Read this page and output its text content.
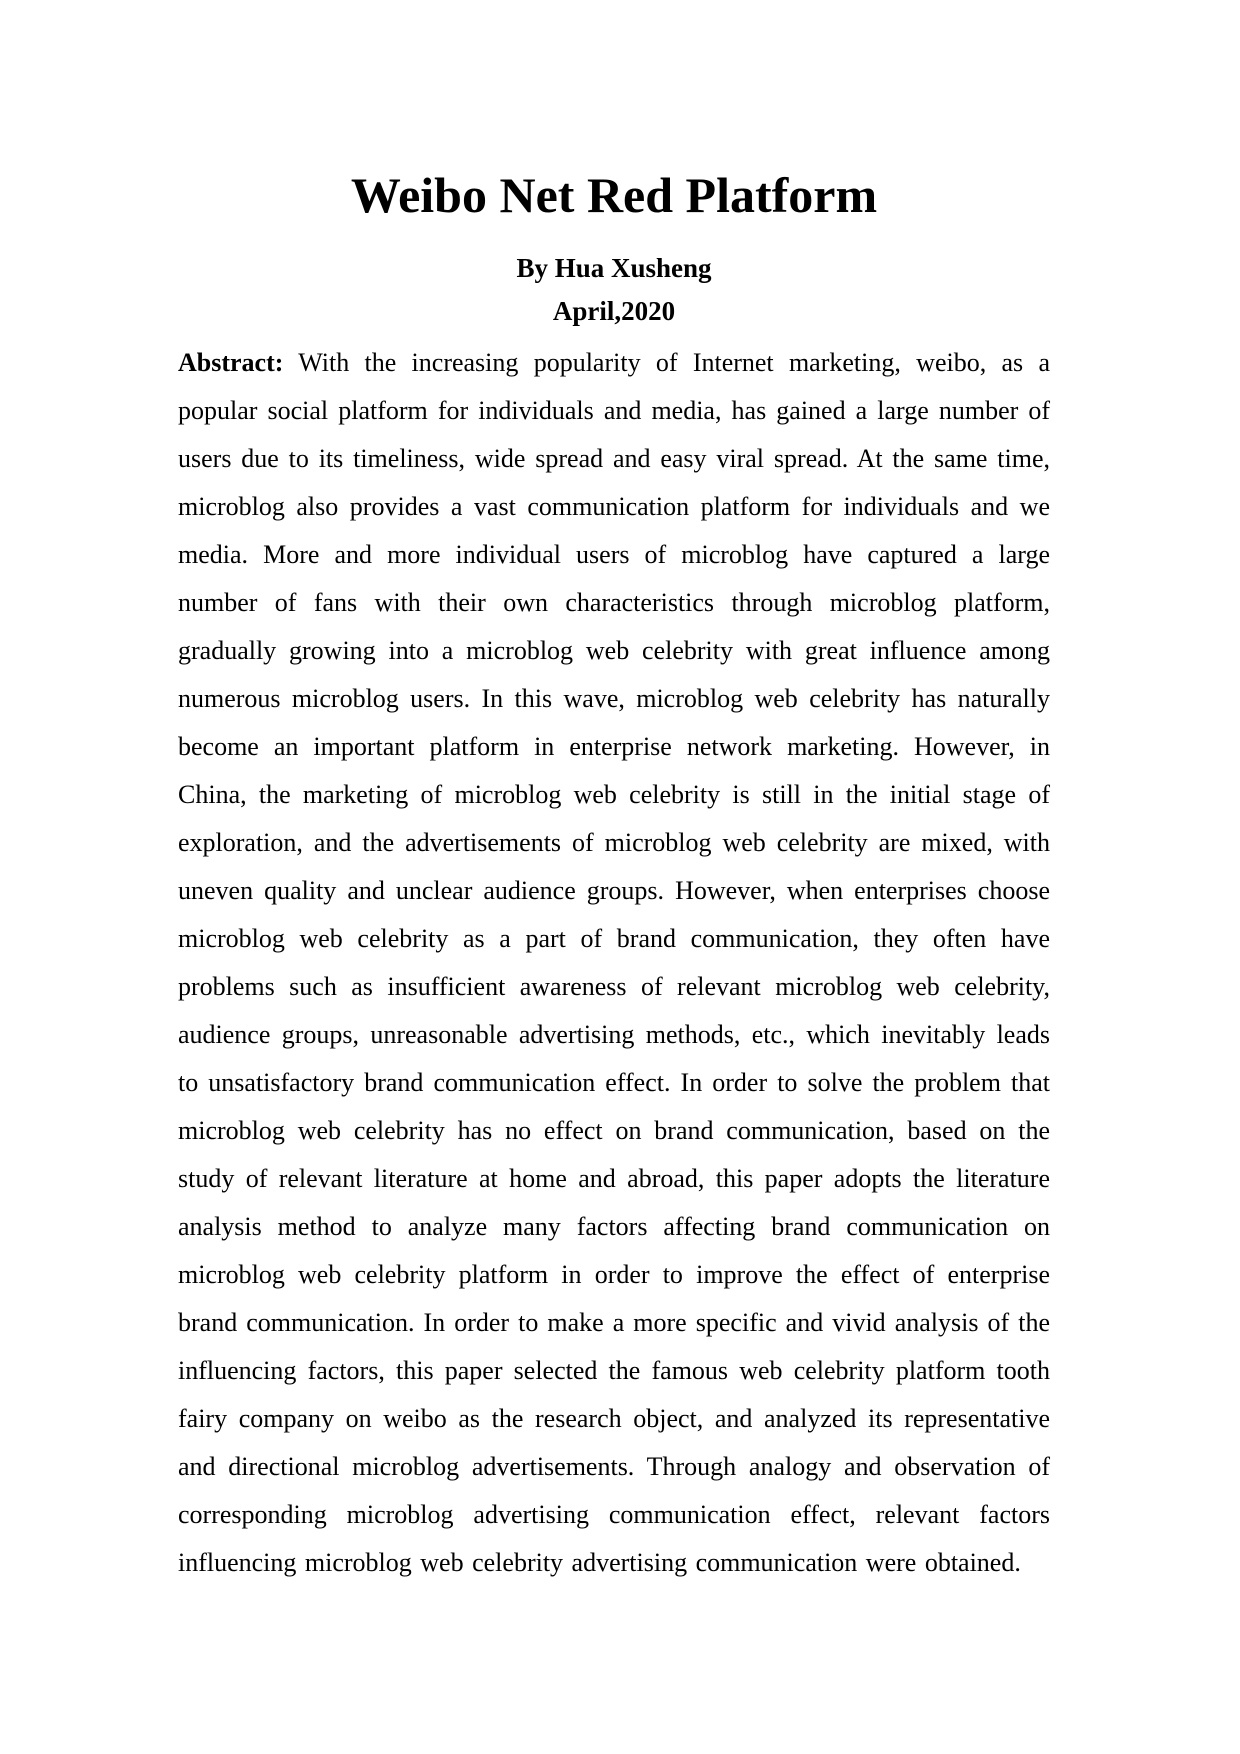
Weibo Net Red Platform
By Hua Xusheng
April,2020

Abstract: With the increasing popularity of Internet marketing, weibo, as a popular social platform for individuals and media, has gained a large number of users due to its timeliness, wide spread and easy viral spread. At the same time, microblog also provides a vast communication platform for individuals and we media. More and more individual users of microblog have captured a large number of fans with their own characteristics through microblog platform, gradually growing into a microblog web celebrity with great influence among numerous microblog users. In this wave, microblog web celebrity has naturally become an important platform in enterprise network marketing. However, in China, the marketing of microblog web celebrity is still in the initial stage of exploration, and the advertisements of microblog web celebrity are mixed, with uneven quality and unclear audience groups. However, when enterprises choose microblog web celebrity as a part of brand communication, they often have problems such as insufficient awareness of relevant microblog web celebrity, audience groups, unreasonable advertising methods, etc., which inevitably leads to unsatisfactory brand communication effect. In order to solve the problem that microblog web celebrity has no effect on brand communication, based on the study of relevant literature at home and abroad, this paper adopts the literature analysis method to analyze many factors affecting brand communication on microblog web celebrity platform in order to improve the effect of enterprise brand communication. In order to make a more specific and vivid analysis of the influencing factors, this paper selected the famous web celebrity platform tooth fairy company on weibo as the research object, and analyzed its representative and directional microblog advertisements. Through analogy and observation of corresponding microblog advertising communication effect, relevant factors influencing microblog web celebrity advertising communication were obtained.
